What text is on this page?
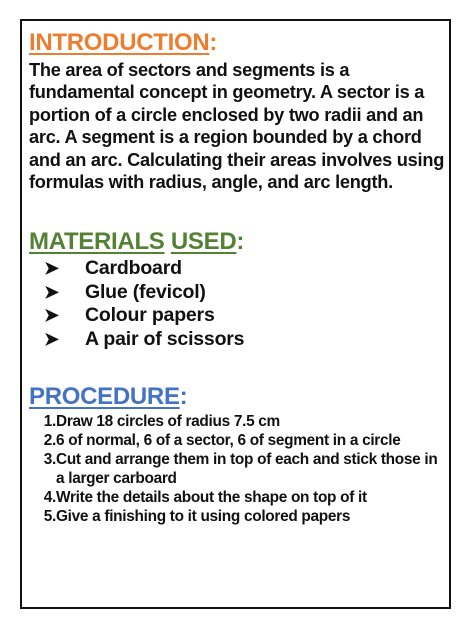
INTRODUCTION:
The area of sectors and segments is a fundamental concept in geometry. A sector is a portion of a circle enclosed by two radii and an arc. A segment is a region bounded by a chord and an arc. Calculating their areas involves using formulas with radius, angle, and arc length.
MATERIALS USED:
➤	Cardboard
➤	Glue (fevicol)
➤	Colour papers
➤	A pair of scissors
PROCEDURE:
1. Draw 18 circles of radius 7.5 cm
2. 6 of normal, 6 of a sector, 6 of segment in a circle
3. Cut and arrange them in top of each and stick those in a larger carboard
4. Write the details about the shape on top of it
5. Give a finishing to it using colored papers
